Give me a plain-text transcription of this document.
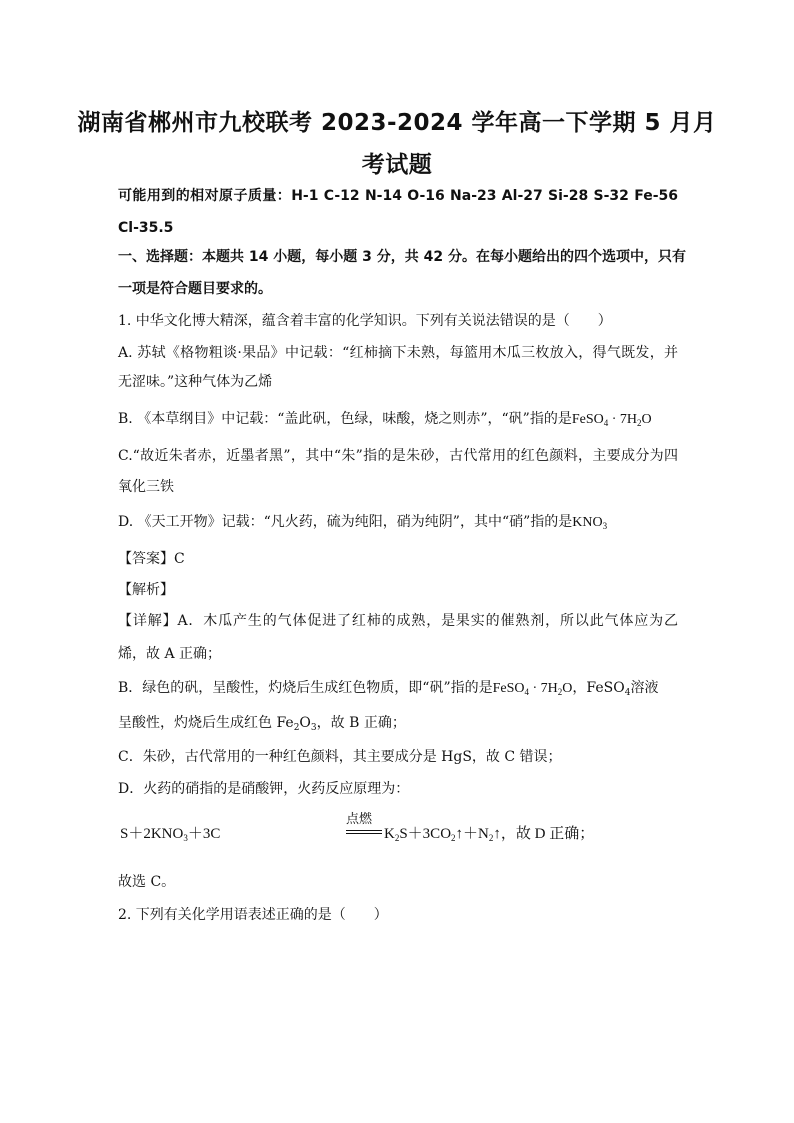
湖南省郴州市九校联考 2023-2024 学年高一下学期 5 月月
考试题
可能用到的相对原子质量：H-1 C-12 N-14 O-16 Na-23 Al-27 Si-28 S-32 Fe-56
Cl-35.5
一、选择题：本题共 14 小题，每小题 3 分，共 42 分。在每小题给出的四个选项中，只有
一项是符合题目要求的。
1. 中华文化博大精深，蕴含着丰富的化学知识。下列有关说法错误的是（　　）
A. 苏轼《格物粗谈·果品》中记载：“红柿摘下未熟，每篮用木瓜三枚放入，得气既发，并
无涩味。”这种气体为乙烯
B. 《本草纲目》中记载：“盖此矾，色绿，味酸，烧之则赤”，“矾”指的是FeSO$_4$ · $7H_2O$
C.“故近朱者赤，近墨者黑”，其中“朱”指的是朱砂，古代常用的红色颜料，主要成分为四
氧化三铁
D. 《天工开物》记载：“凡火药，硫为纯阳，硝为纯阴”，其中“硝”指的是$KNO_3$
【答案】C
【解析】
【详解】A．木瓜产生的气体促进了红柿的成熟，是果实的催熟剂，所以此气体应为乙
烯，故 A 正确；
B．绿色的矾，呈酸性，灼烧后生成红色物质，即“矾”指的是FeSO$_4$ · $7H_2O$，FeSO$_4$溶液
呈酸性，灼烧后生成红色 $Fe_2O_3$，故 B 正确；
C．朱砂，古代常用的一种红色颜料，其主要成分是 HgS，故 C 错误；
D．火药的硝指的是硝酸钾，火药反应原理为：
点燃
$S+2KNO_3+3C$	$K_2S+3CO_2↑+N_2↑$，故 D 正确；
故选 C。
2. 下列有关化学用语表述正确的是（　　）
